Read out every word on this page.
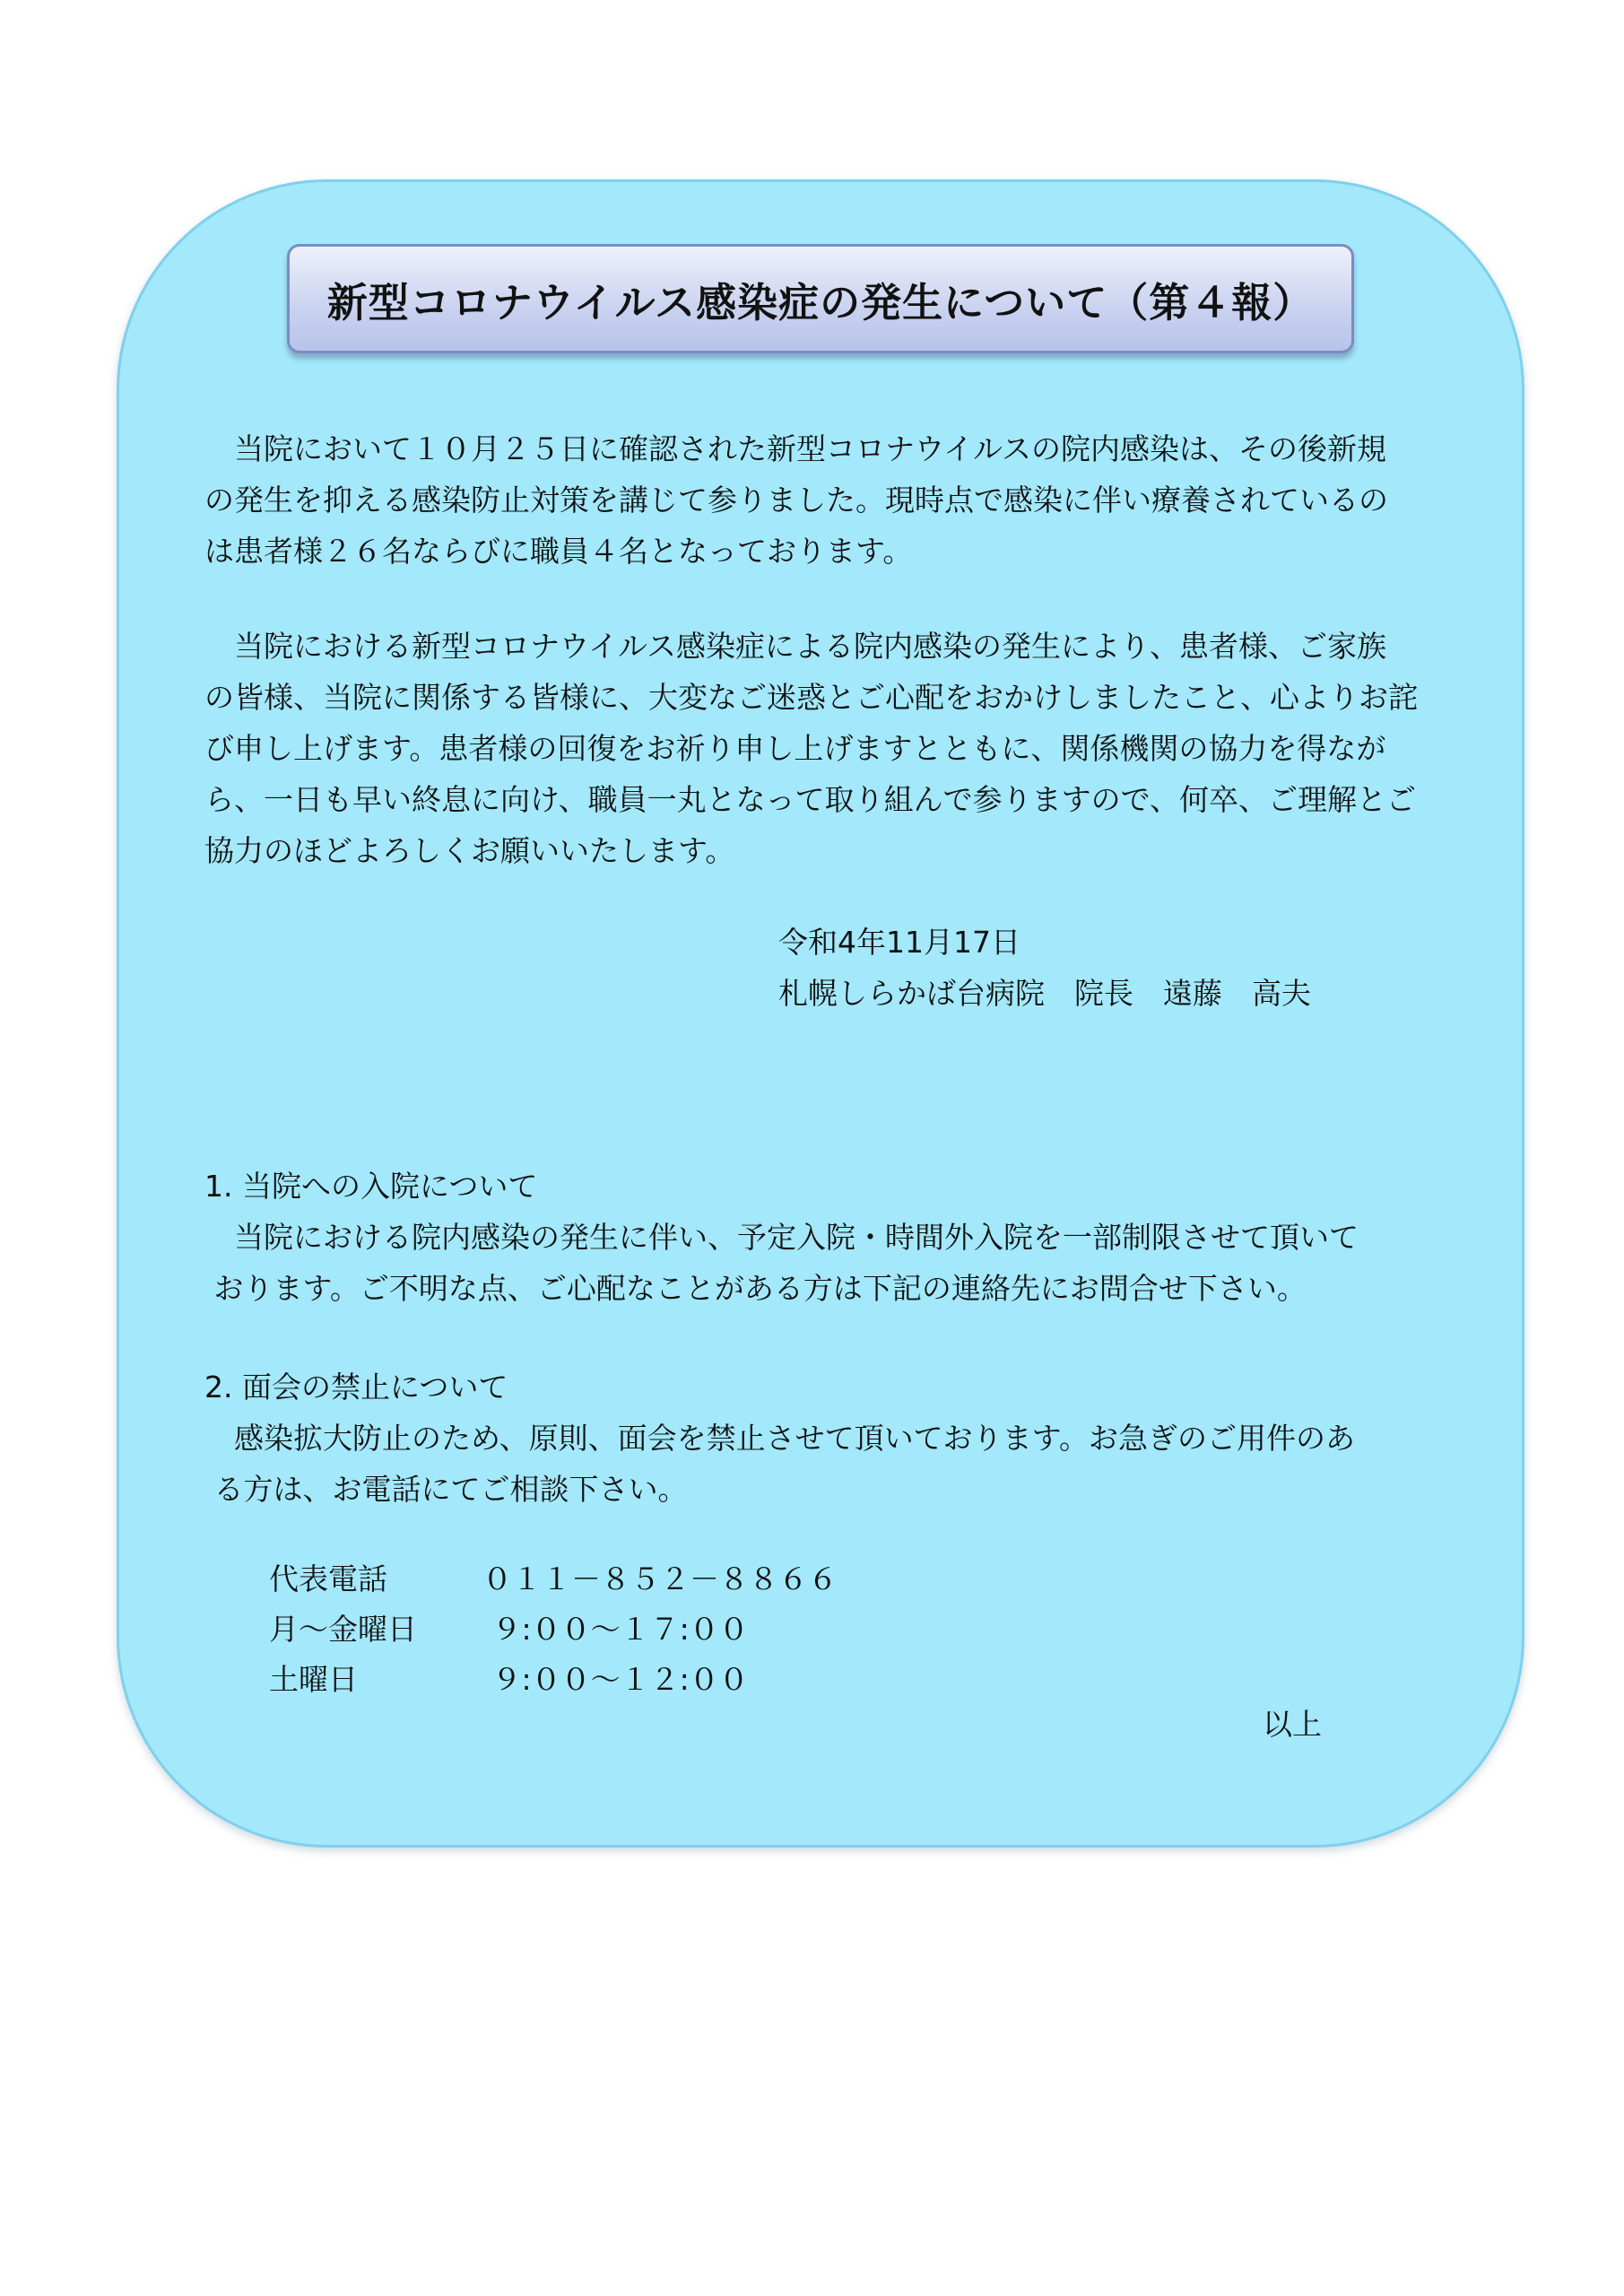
新型コロナウイルス感染症の発生について（第４報）

　当院において１０月２５日に確認された新型コロナウイルスの院内感染は、その後新規
の発生を抑える感染防止対策を講じて参りました。現時点で感染に伴い療養されているの
は患者様２６名ならびに職員４名となっております。

　当院における新型コロナウイルス感染症による院内感染の発生により、患者様、ご家族
の皆様、当院に関係する皆様に、大変なご迷惑とご心配をおかけしましたこと、心よりお詫
び申し上げます。患者様の回復をお祈り申し上げますとともに、関係機関の協力を得なが
ら、一日も早い終息に向け、職員一丸となって取り組んで参りますので、何卒、ご理解とご
協力のほどよろしくお願いいたします。

令和4年11月17日

札幌しらかば台病院　院長　遠藤　高夫

1. 当院への入院について

　当院における院内感染の発生に伴い、予定入院・時間外入院を一部制限させて頂いて
おります。ご不明な点、ご心配なことがある方は下記の連絡先にお問合せ下さい。

2. 面会の禁止について

　感染拡大防止のため、原則、面会を禁止させて頂いております。お急ぎのご用件のあ
る方は、お電話にてご相談下さい。

代表電話	０１１－８５２－８８６６
月～金曜日	９:００～１７:００
土曜日	９:００～１２:００
以上
